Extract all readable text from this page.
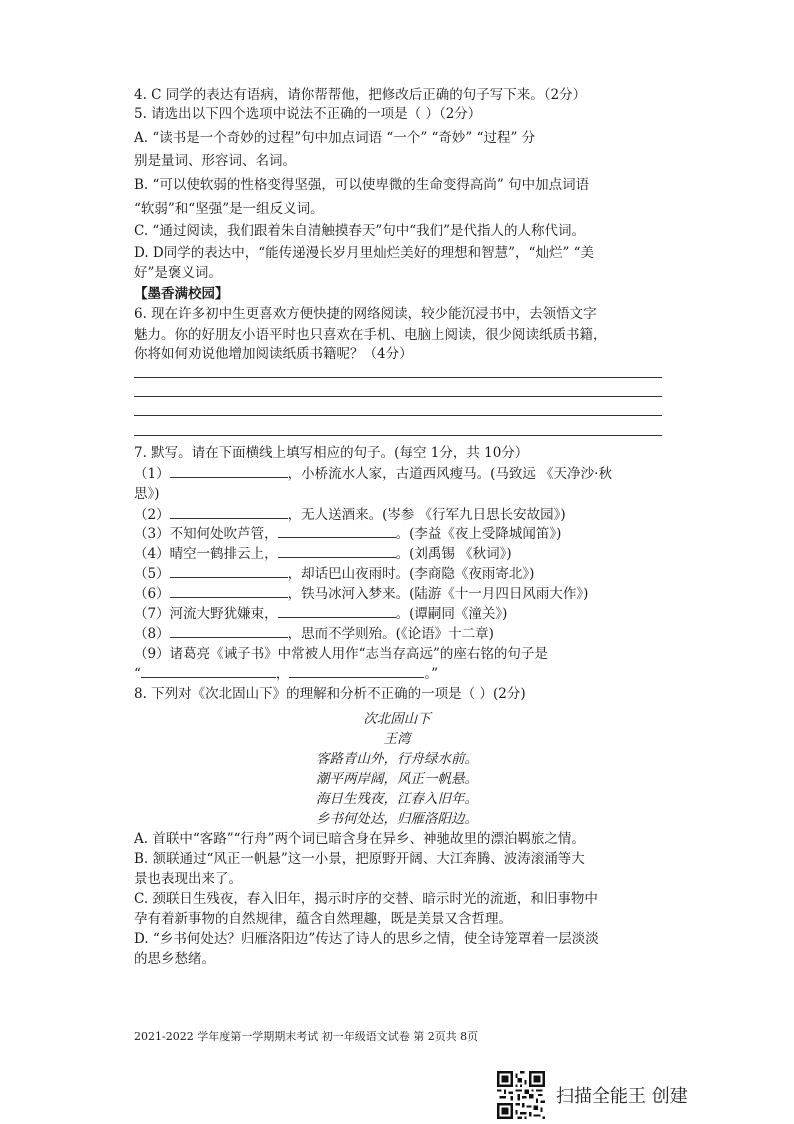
4. C 同学的表达有语病，请你帮帮他，把修改后正确的句子写下来。（2分）
5. 请选出以下四个选项中说法不正确的一项是（ ）（2分）
A. “读书是一个奇妙的过程”句中加点词语 “一个” “奇妙” “过程” 分
别是量词、形容词、名词。
B. “可以使软弱的性格变得坚强，可以使卑微的生命变得高尚” 句中加点词语
“软弱”和“坚强”是一组反义词。
C. “通过阅读，我们跟着朱自清触摸春天”句中“我们”是代指人的人称代词。
D. D同学的表达中，“能传递漫长岁月里灿烂美好的理想和智慧”，“灿烂” “美
好”是褒义词。
【墨香满校园】
6. 现在许多初中生更喜欢方便快捷的网络阅读，较少能沉浸书中，去领悟文字
魅力。你的好朋友小语平时也只喜欢在手机、电脑上阅读，很少阅读纸质书籍，
你将如何劝说他增加阅读纸质书籍呢？（4分）
7. 默写。请在下面横线上填写相应的句子。(每空 1分，共 10分）
（1）	，小桥流水人家，古道西风瘦马。(马致远 《天净沙·秋
思》)
（2）	，无人送酒来。(岑参 《行军九日思长安故园》)
（3）不知何处吹芦管，	。(李益《夜上受降城闻笛》)
（4）晴空一鹤排云上，	。(刘禹锡 《秋词》)
（5）	，却话巴山夜雨时。(李商隐《夜雨寄北》)
（6）	，铁马冰河入梦来。(陆游《十一月四日风雨大作》)
（7）河流大野犹嫌束，	。(谭嗣同《潼关》)
（8）	，思而不学则殆。(《论语》十二章)
（9）诸葛亮《诫子书》中常被人用作“志当存高远”的座右铭的句子是
“	，	。”
8. 下列对《次北固山下》的理解和分析不正确的一项是（ ）(2分)
次北固山下
王湾
客路青山外，行舟绿水前。
潮平两岸阔，风正一帆悬。
海日生残夜，江春入旧年。
乡书何处达，归雁洛阳边。
A. 首联中“客路”“行舟”两个词已暗含身在异乡、神驰故里的漂泊羁旅之情。
B. 颔联通过“风正一帆悬”这一小景，把原野开阔、大江奔腾、波涛滚涌等大
景也表现出来了。
C. 颈联日生残夜，春入旧年，揭示时序的交替、暗示时光的流逝，和旧事物中
孕有着新事物的自然规律，蕴含自然理趣，既是美景又含哲理。
D. “乡书何处达？归雁洛阳边”传达了诗人的思乡之情，使全诗笼罩着一层淡淡
的思乡愁绪。
2021-2022 学年度第一学期期末考试 初一年级语文试卷 第 2页共 8页
扫描全能王 创建
